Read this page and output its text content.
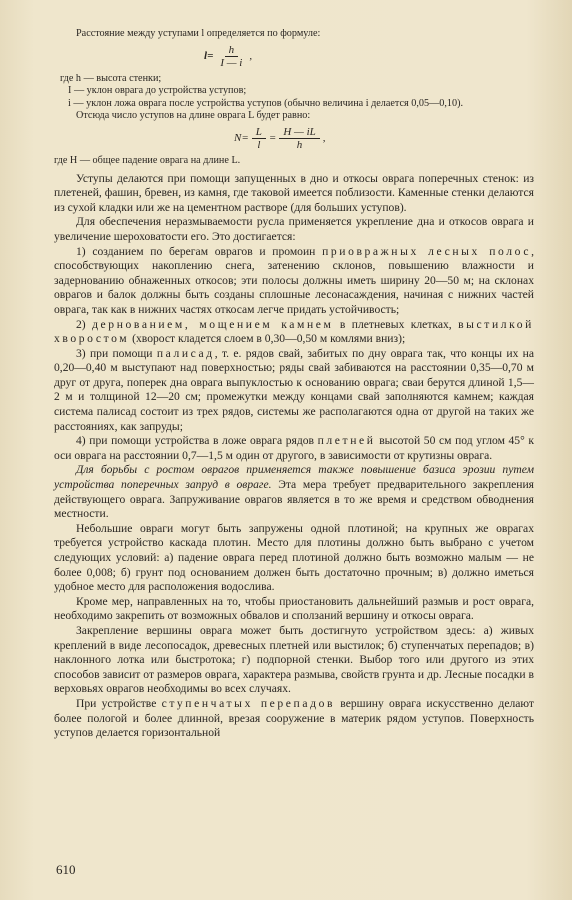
Расстояние между уступами l определяется по формуле:

$l = \frac{h}{I — i}$ ,

где h — высота стенки;

I — уклон оврага до устройства уступов;

i — уклон ложа оврага после устройства уступов (обычно величина i делается 0,05—0,10).

Отсюда число уступов на длине оврага L будет равно:

$N = \frac{L}{l} = \frac{H — iL}{h}$ ,

где H — общее падение оврага на длине L.

Уступы делаются при помощи запущенных в дно и откосы оврага поперечных стенок: из плетеней, фашин, бревен, из камня, где таковой имеется поблизости. Каменные стенки делаются из сухой кладки или же на цементном растворе (для больших уступов).

Для обеспечения неразмываемости русла применяется укрепление дна и откосов оврага и увеличение шероховатости его. Это достигается:

1) созданием по берегам оврагов и промоин приовражных лесных полос, способствующих накоплению снега, затенению склонов, повышению влажности и задернованию обнаженных откосов; эти полосы должны иметь ширину 20—50 м; на склонах оврагов и балок должны быть созданы сплошные лесонасаждения, начиная с нижних частей оврага, так как в нижних частях откосам легче придать устойчивость;

2) дернованием, мощением камнем в плетневых клетках, выстилкой хворостом (хворост кладется слоем в 0,30—0,50 м комлями вниз);

3) при помощи палисад, т. е. рядов свай, забитых по дну оврага так, что концы их на 0,20—0,40 м выступают над поверхностью; ряды свай забиваются на расстоянии 0,35—0,70 м друг от друга, поперек дна оврага выпуклостью к основанию оврага; сваи берутся длиной 1,5—2 м и толщиной 12—20 см; промежутки между концами свай заполняются камнем; каждая система палисад состоит из трех рядов, системы же располагаются одна от другой на таких же расстояниях, как запруды;

4) при помощи устройства в ложе оврага рядов плетней высотой 50 см под углом 45° к оси оврага на расстоянии 0,7—1,5 м один от другого, в зависимости от крутизны оврага.

Для борьбы с ростом оврагов применяется также повышение базиса эрозии путем устройства поперечных запруд в овраге. Эта мера требует предварительного закрепления действующего оврага. Запруживание оврагов является в то же время и средством обводнения местности.

Небольшие овраги могут быть запружены одной плотиной; на крупных же оврагах требуется устройство каскада плотин. Место для плотины должно быть выбрано с учетом следующих условий: а) падение оврага перед плотиной должно быть возможно малым — не более 0,008; б) грунт под основанием должен быть достаточно прочным; в) должно иметься удобное место для расположения водослива.

Кроме мер, направленных на то, чтобы приостановить дальнейший размыв и рост оврага, необходимо закрепить от возможных обвалов и сползаний вершину и откосы оврага.

Закрепление вершины оврага может быть достигнуто устройством здесь: а) живых креплений в виде лесопосадок, древесных плетней или выстилок; б) ступенчатых перепадов; в) наклонного лотка или быстротока; г) подпорной стенки. Выбор того или другого из этих способов зависит от размеров оврага, характера размыва, свойств грунта и др. Лесные посадки в верховьях оврагов необходимы во всех случаях.

При устройстве ступенчатых перепадов вершину оврага искусственно делают более пологой и более длинной, врезая сооружение в материк рядом уступов. Поверхность уступов делается горизонтальной

610
